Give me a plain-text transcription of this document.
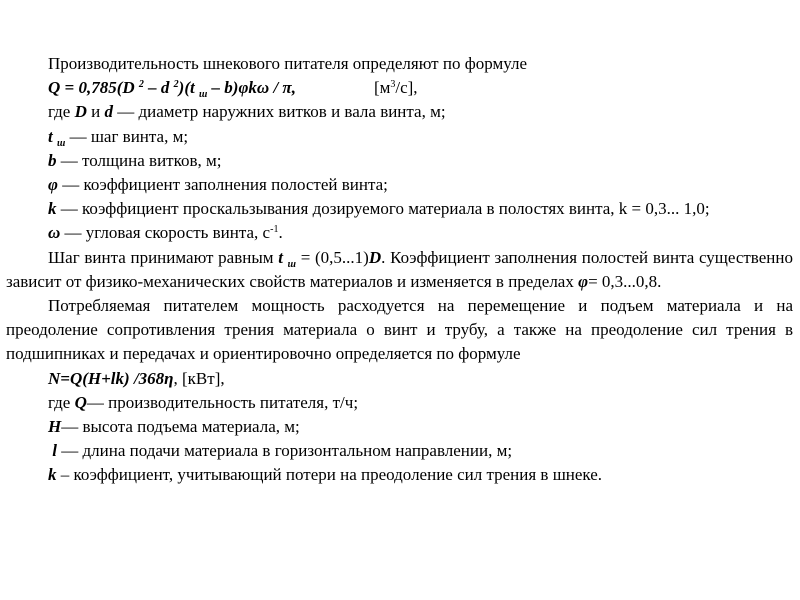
Производительность шнекового питателя определяют по формуле

Q = 0,785(D $^2$ – d $^2$)(t $_ш$ – b)φkω / π,	$[м^3/с]$,

где D и d — диаметр наружних витков и вала винта, м;

t $_ш$ — шаг винта, м;

b — толщина витков, м;

φ — коэффициент заполнения полостей винта;

k — коэффициент проскальзывания дозируемого материала в полостях винта, k = 0,3... 1,0;

ω — угловая скорость винта, $с^{-1}$.

Шаг винта принимают равным t $_ш$ = (0,5...1)D. Коэффициент заполнения полостей винта существенно зависит от физико-механических свойств материалов и изменяется в пределах φ= 0,3...0,8.

Потребляемая питателем мощность расходуется на перемещение и подъем материала и на преодоление сопротивления трения материала о винт и трубу, а также на преодоление сил трения в подшипниках и передачах и ориентировочно определяется по формуле

N=Q(H+lk) /368η, [кВт],

где Q— производительность питателя, т/ч;

H— высота подъема материала, м;

l — длина подачи материала в горизонтальном направлении, м;

k – коэффициент, учитывающий потери на преодоление сил трения в шнеке.
